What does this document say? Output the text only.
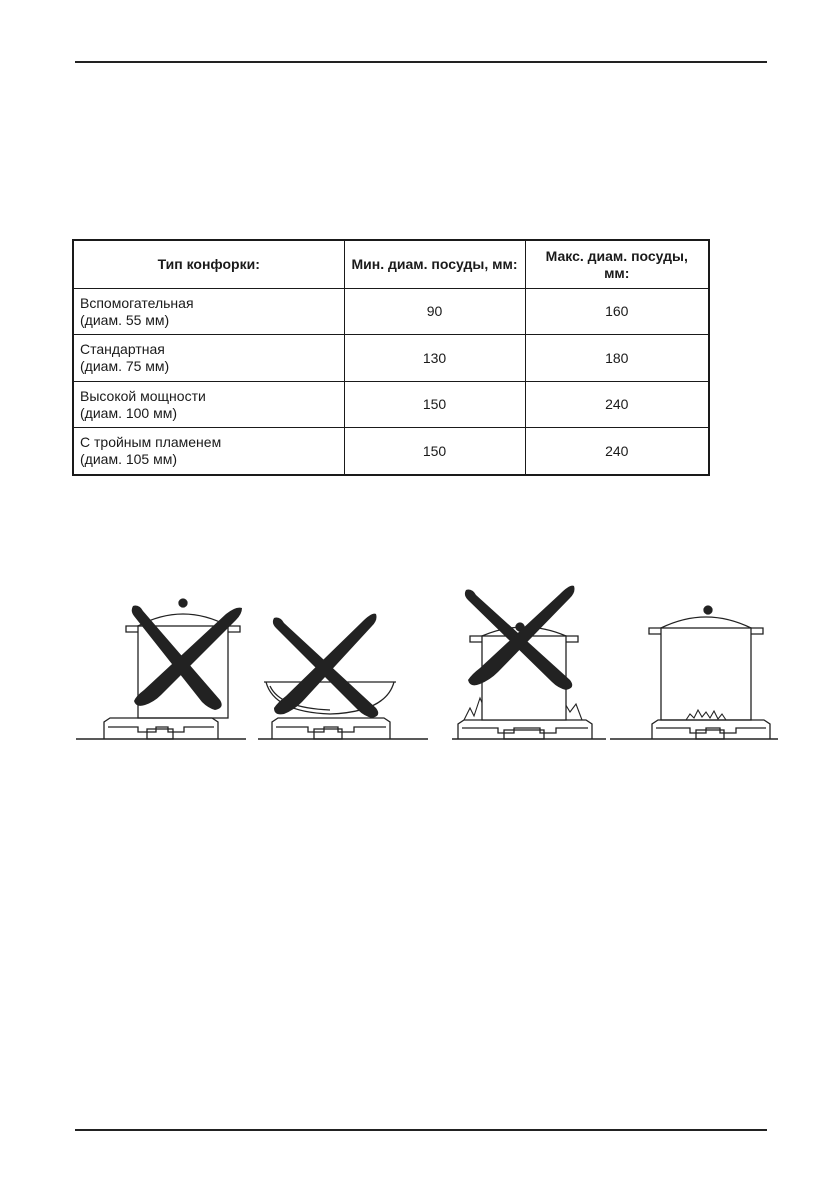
Тип конфорки:	Мин. диам. посуды, мм:	Макс. диам. посуды, мм:

Вспомогательная
(диам. 55 мм)	90	160

Стандартная
(диам. 75 мм)	130	180

Высокой мощности
(диам. 100 мм)	150	240

С тройным пламенем
(диам. 105 мм)	150	240
